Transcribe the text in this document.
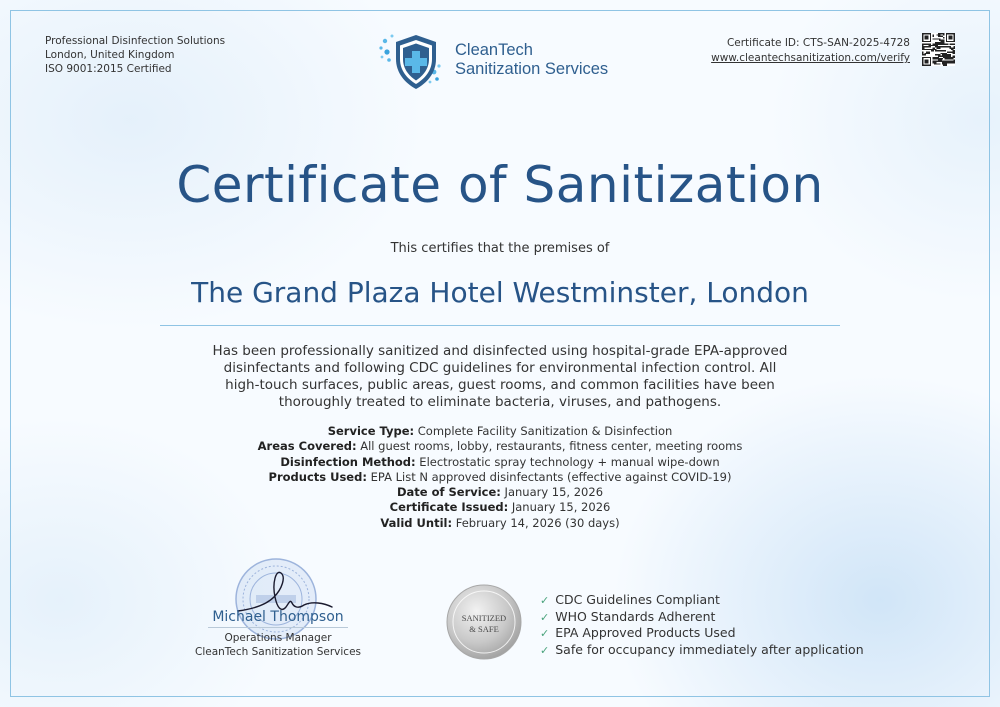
Professional Disinfection Solutions
London, United Kingdom
ISO 9001:2015 Certified
CleanTech
Sanitization Services
Certificate ID: CTS-SAN-2025-4728
www.cleantechsanitization.com/verify
Certificate of Sanitization
This certifies that the premises of
The Grand Plaza Hotel Westminster, London
Has been professionally sanitized and disinfected using hospital-grade EPA-approved disinfectants and following CDC guidelines for environmental infection control. All high-touch surfaces, public areas, guest rooms, and common facilities have been thoroughly treated to eliminate bacteria, viruses, and pathogens.
Service Type: Complete Facility Sanitization & Disinfection
Areas Covered: All guest rooms, lobby, restaurants, fitness center, meeting rooms
Disinfection Method: Electrostatic spray technology + manual wipe-down
Products Used: EPA List N approved disinfectants (effective against COVID-19)
Date of Service: January 15, 2026
Certificate Issued: January 15, 2026
Valid Until: February 14, 2026 (30 days)
Michael Thompson
Operations Manager
CleanTech Sanitization Services
SANITIZED
& SAFE
✓ CDC Guidelines Compliant
✓ WHO Standards Adherent
✓ EPA Approved Products Used
✓ Safe for occupancy immediately after application
